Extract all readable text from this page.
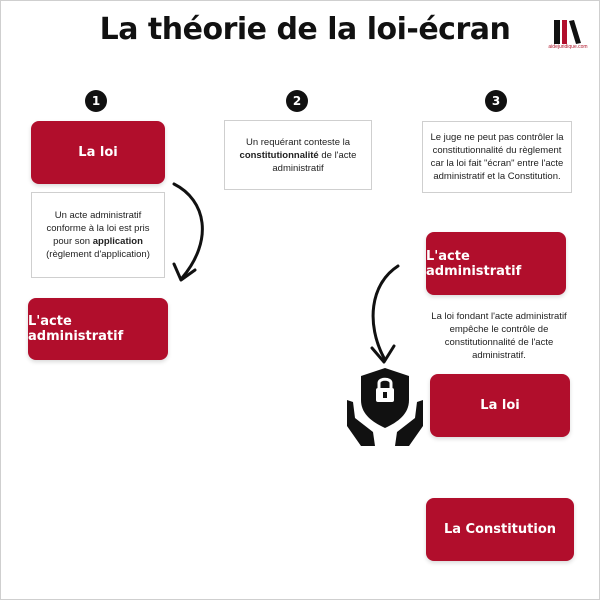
La théorie de la loi-écran	aidejuridique.com
1	2	3
La loi
Un acte administratif conforme à la loi est pris pour son application (règlement d'application)
L'acte administratif
Un requérant conteste la constitutionnalité de l'acte administratif
Le juge ne peut pas contrôler la constitutionnalité du règlement car la loi fait "écran" entre l'acte administratif et la Constitution.
L'acte administratif
La loi fondant l'acte administratif empêche le contrôle de constitutionnalité de l'acte administratif.
La loi
La Constitution
